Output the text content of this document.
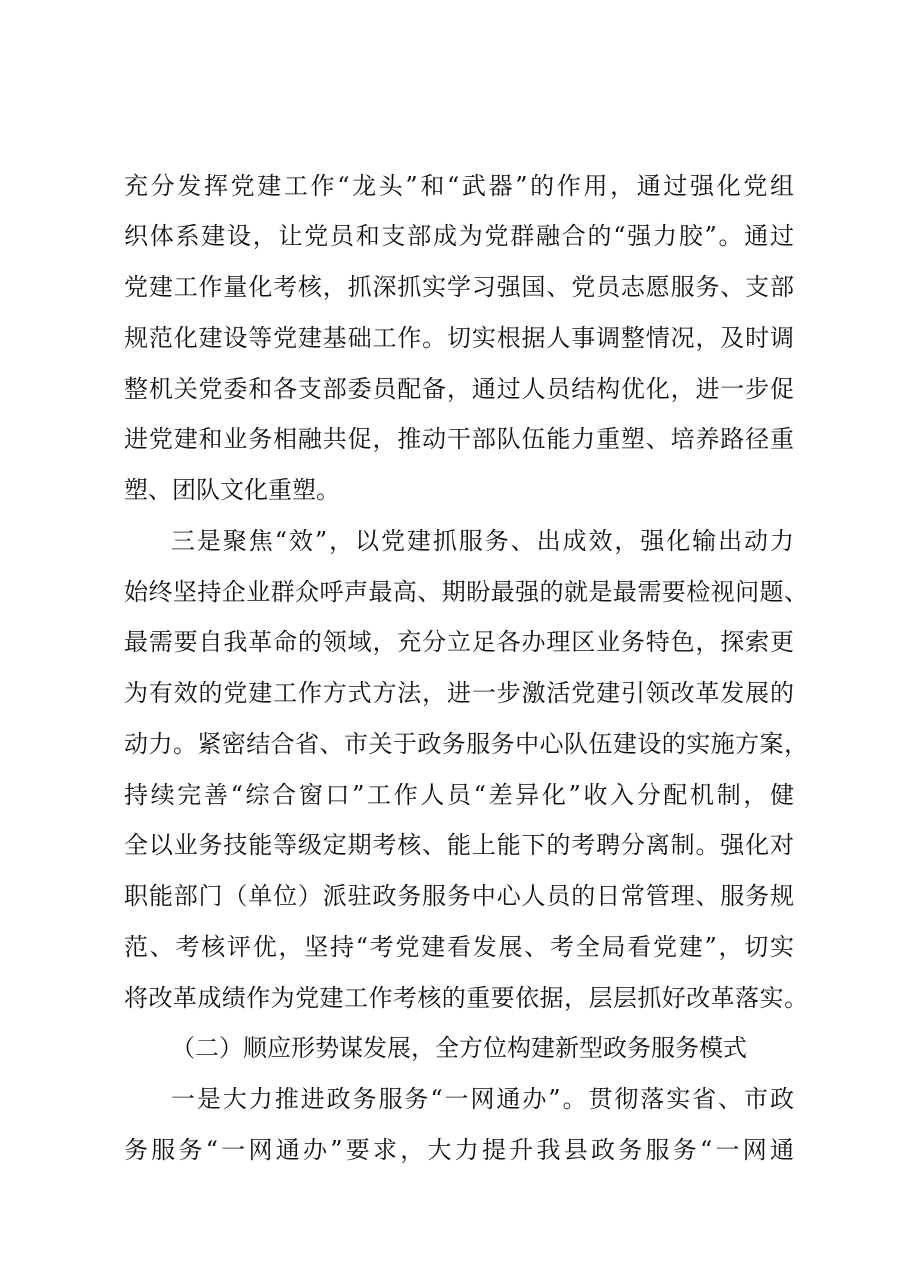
充分发挥党建工作“龙头”和“武器”的作用，通过强化党组
织体系建设，让党员和支部成为党群融合的“强力胶”。通过
党建工作量化考核，抓深抓实学习强国、党员志愿服务、支部
规范化建设等党建基础工作。切实根据人事调整情况，及时调
整机关党委和各支部委员配备，通过人员结构优化，进一步促
进党建和业务相融共促，推动干部队伍能力重塑、培养路径重
塑、团队文化重塑。
三是聚焦“效”，以党建抓服务、出成效，强化输出动力
始终坚持企业群众呼声最高、期盼最强的就是最需要检视问题、
最需要自我革命的领域，充分立足各办理区业务特色，探索更
为有效的党建工作方式方法，进一步激活党建引领改革发展的
动力。紧密结合省、市关于政务服务中心队伍建设的实施方案，
持续完善“综合窗口”工作人员“差异化”收入分配机制，健
全以业务技能等级定期考核、能上能下的考聘分离制。强化对
职能部门（单位）派驻政务服务中心人员的日常管理、服务规
范、考核评优，坚持“考党建看发展、考全局看党建”，切实
将改革成绩作为党建工作考核的重要依据，层层抓好改革落实。
（二）顺应形势谋发展，全方位构建新型政务服务模式
一是大力推进政务服务“一网通办”。贯彻落实省、市政
务服务“一网通办”要求，大力提升我县政务服务“一网通
